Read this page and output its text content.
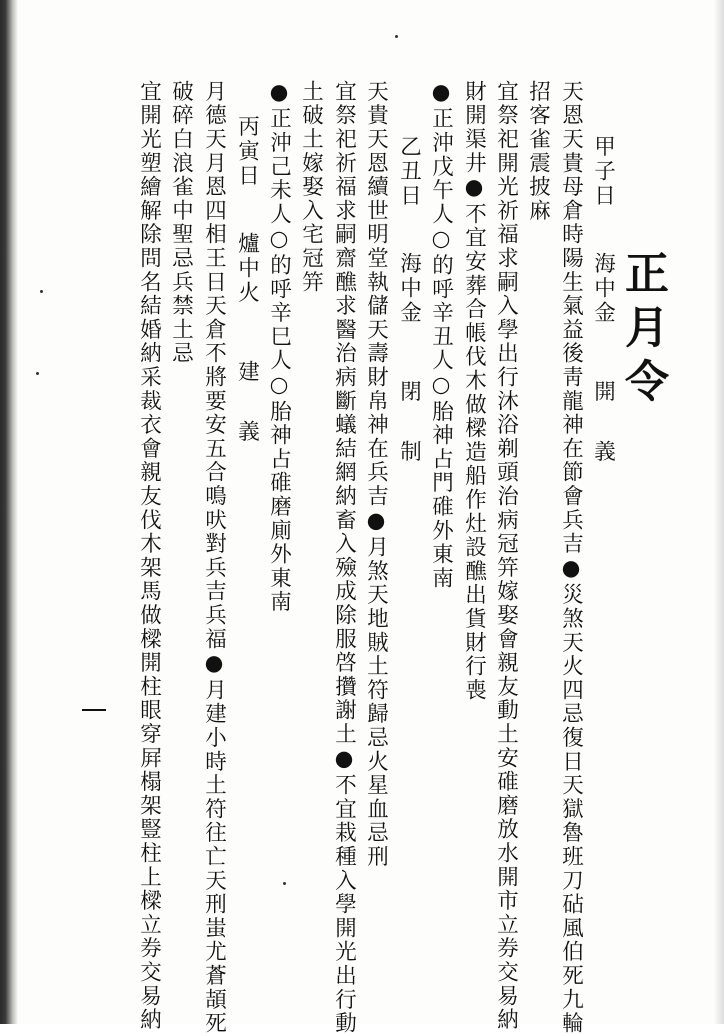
正月令
甲子日
海中金
開
義
天恩天貴母倉時陽生氣益後靑龍神在節會兵吉●災煞天火四忌復日天獄魯班刀砧風伯死九輪
招客雀震披麻
宜祭祀開光祈福求嗣入學出行沐浴剃頭治病冠笄嫁娶會親友動土安碓磨放水開市立券交易納
財開渠井●不宜安葬合帳伐木做樑造船作灶設醮出貨財行喪
●正沖戊午人○的呼辛丑人○胎神占門碓外東南
乙丑日
海中金
閉
制
天貴天恩續世明堂執儲天壽財帛神在兵吉●月煞天地賊土符歸忌火星血忌刑
宜祭祀祈福求嗣齋醮求醫治病斷蟻結網納畜入殮成除服啓攢謝土●不宜栽種入學開光出行動
土破土嫁娶入宅冠笄
●正沖己未人○的呼辛巳人○胎神占碓磨廁外東南
丙寅日
爐中火
建
義
月德天月恩四相王日天倉不將要安五合鳴吠對兵吉兵福●月建小時土符往亡天刑蚩尤蒼頡死
破碎白浪雀中聖忌兵禁土忌
宜開光塑繪解除問名結婚納采裁衣會親友伐木架馬做樑開柱眼穿屛榻架豎柱上樑立券交易納
